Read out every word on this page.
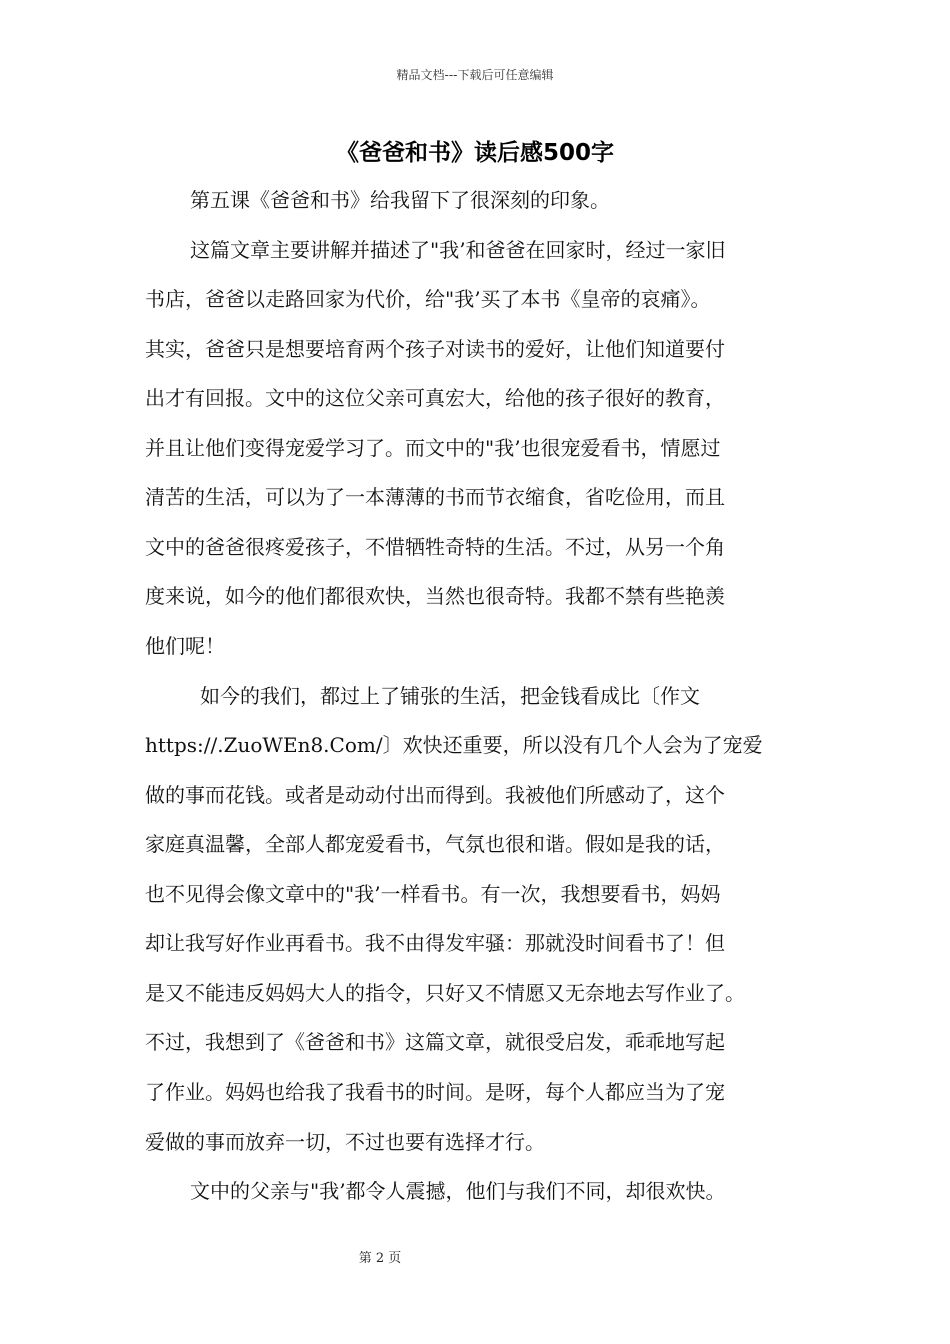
精品文档---下载后可任意编辑
《爸爸和书》读后感500字
第五课《爸爸和书》给我留下了很深刻的印象。
这篇文章主要讲解并描述了"我’和爸爸在回家时，经过一家旧
书店，爸爸以走路回家为代价，给"我’买了本书《皇帝的哀痛》。
其实，爸爸只是想要培育两个孩子对读书的爱好，让他们知道要付
出才有回报。文中的这位父亲可真宏大，给他的孩子很好的教育，
并且让他们变得宠爱学习了。而文中的"我’也很宠爱看书，情愿过
清苦的生活，可以为了一本薄薄的书而节衣缩食，省吃俭用，而且
文中的爸爸很疼爱孩子，不惜牺牲奇特的生活。不过，从另一个角
度来说，如今的他们都很欢快，当然也很奇特。我都不禁有些艳羡
他们呢！
如今的我们，都过上了铺张的生活，把金钱看成比〔作文
https://.ZuoWEn8.Com/〕欢快还重要，所以没有几个人会为了宠爱
做的事而花钱。或者是动动付出而得到。我被他们所感动了，这个
家庭真温馨，全部人都宠爱看书，气氛也很和谐。假如是我的话，
也不见得会像文章中的"我’一样看书。有一次，我想要看书，妈妈
却让我写好作业再看书。我不由得发牢骚：那就没时间看书了！但
是又不能违反妈妈大人的指令，只好又不情愿又无奈地去写作业了。
不过，我想到了《爸爸和书》这篇文章，就很受启发，乖乖地写起
了作业。妈妈也给我了我看书的时间。是呀，每个人都应当为了宠
爱做的事而放弃一切，不过也要有选择才行。
文中的父亲与"我’都令人震撼，他们与我们不同，却很欢快。
第 2 页
